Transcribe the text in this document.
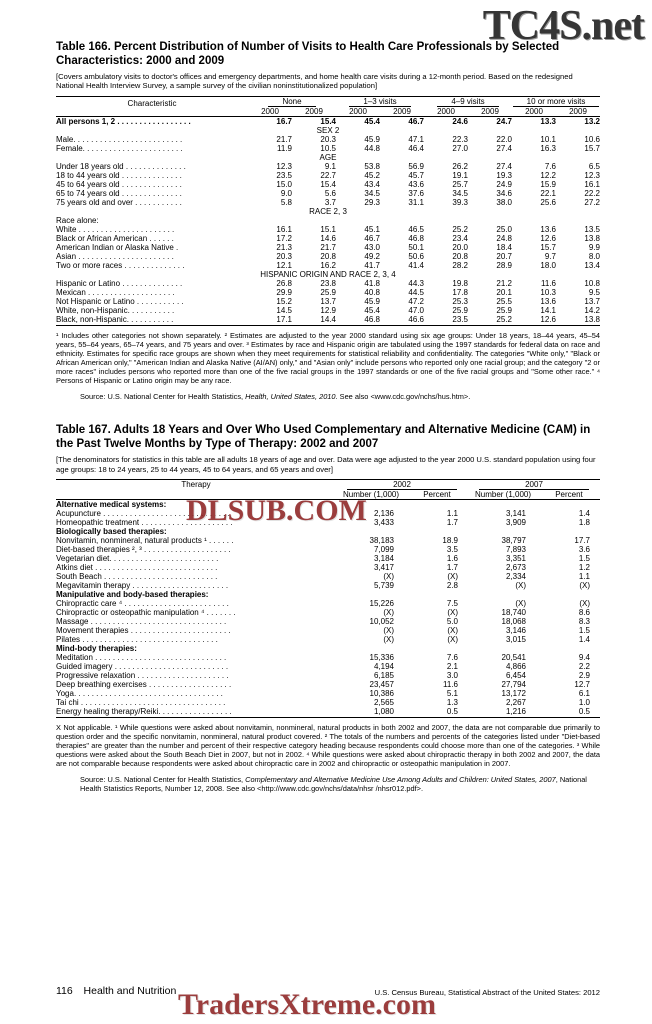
TC4S.net
Table 166. Percent Distribution of Number of Visits to Health Care Professionals by Selected Characteristics: 2000 and 2009

[Covers ambulatory visits to doctor's offices and emergency departments, and home health care visits during a 12-month period. Based on the redesigned National Health Interview Survey, a sample survey of the civilian noninstitutionalized population]

Characteristic	None		1–3 visits		4–9 visits		10 or more visits	
	2000	2009	2000	2009	2000	2009	2000	2009
All persons 1, 2 . . . . . . . . . . . . . . . . .	16.7	15.4	45.4	46.7	24.6	24.7	13.3	13.2
SEX 2								
Male. . . . . . . . . . . . . . . . . . . . . . . . .	21.7	20.3	45.9	47.1	22.3	22.0	10.1	10.6
Female. . . . . . . . . . . . . . . . . . . . . . .	11.9	10.5	44.8	46.4	27.0	27.4	16.3	15.7
AGE								
Under 18 years old . . . . . . . . . . . . . .	12.3	9.1	53.8	56.9	26.2	27.4	7.6	6.5
18 to 44 years old . . . . . . . . . . . . . .	23.5	22.7	45.2	45.7	19.1	19.3	12.2	12.3
45 to 64 years old . . . . . . . . . . . . . .	15.0	15.4	43.4	43.6	25.7	24.9	15.9	16.1
65 to 74 years old . . . . . . . . . . . . . .	9.0	5.6	34.5	37.6	34.5	34.6	22.1	22.2
75 years old and over . . . . . . . . . . .	5.8	3.7	29.3	31.1	39.3	38.0	25.6	27.2
RACE 2, 3								
Race alone:								
White . . . . . . . . . . . . . . . . . . . . . .	16.1	15.1	45.1	46.5	25.2	25.0	13.6	13.5
Black or African American . . . . . .	17.2	14.6	46.7	46.8	23.4	24.8	12.6	13.8
American Indian or Alaska Native .	21.3	21.7	43.0	50.1	20.0	18.4	15.7	9.9
Asian . . . . . . . . . . . . . . . . . . . . . .	20.3	20.8	49.2	50.6	20.8	20.7	9.7	8.0
Two or more races . . . . . . . . . . . . . .	12.1	16.2	41.7	41.4	28.2	28.9	18.0	13.4
HISPANIC ORIGIN AND RACE 2, 3, 4								
Hispanic or Latino . . . . . . . . . . . . . .	26.8	23.8	41.8	44.3	19.8	21.2	11.6	10.8
Mexican . . . . . . . . . . . . . . . . . . . .	29.9	25.9	40.8	44.5	17.8	20.1	10.3	9.5
Not Hispanic or Latino . . . . . . . . . . .	15.2	13.7	45.9	47.2	25.3	25.5	13.6	13.7
White, non-Hispanic. . . . . . . . . . .	14.5	12.9	45.4	47.0	25.9	25.9	14.1	14.2
Black, non-Hispanic. . . . . . . . . . .	17.1	14.4	46.8	46.6	23.5	25.2	12.6	13.8

¹ Includes other categories not shown separately. ² Estimates are adjusted to the year 2000 standard using six age groups: Under 18 years, 18–44 years, 45–54 years, 55–64 years, 65–74 years, and 75 years and over. ³ Estimates by race and Hispanic origin are tabulated using the 1997 standards for federal data on race and ethnicity. Estimates for specific race groups are shown when they meet requirements for statistical reliability and confidentiality. The categories "White only," "Black or African American only," "American Indian and Alaska Native (AI/AN) only," and "Asian only" include persons who reported only one racial group; and the category "2 or more races" includes persons who reported more than one of the five racial groups in the 1997 standards or one of the five racial groups and "Some other race." ⁴ Persons of Hispanic or Latino origin may be any race.

Source: U.S. National Center for Health Statistics, Health, United States, 2010. See also <www.cdc.gov/nchs/hus.htm>.

Table 167. Adults 18 Years and Over Who Used Complementary and Alternative Medicine (CAM) in the Past Twelve Months by Type of Therapy: 2002 and 2007

[The denominators for statistics in this table are all adults 18 years of age and over. Data were age adjusted to the year 2000 U.S. standard population using four age groups: 18 to 24 years, 25 to 44 years, 45 to 64 years, and 65 years and over]

Therapy	2002		2007	
	Number (1,000)	Percent	Number (1,000)	Percent
Alternative medical systems:				
Acupuncture . . . . . . . . . . . . . . . . . . . . . . . . . . . . .	2,136	1.1	3,141	1.4
Homeopathic treatment . . . . . . . . . . . . . . . . . . . . .	3,433	1.7	3,909	1.8
Biologically based therapies:				
Nonvitamin, nonmineral, natural products ¹ . . . . . .	38,183	18.9	38,797	17.7
Diet-based therapies ², ³ . . . . . . . . . . . . . . . . . . . .	7,099	3.5	7,893	3.6
Vegetarian diet. . . . . . . . . . . . . . . . . . . . . . . . .	3,184	1.6	3,351	1.5
Atkins diet . . . . . . . . . . . . . . . . . . . . . . . . . . . .	3,417	1.7	2,673	1.2
South Beach . . . . . . . . . . . . . . . . . . . . . . . . . .	(X)	(X)	2,334	1.1
Megavitamin therapy . . . . . . . . . . . . . . . . . . . . . .	5,739	2.8	(X)	(X)
Manipulative and body-based therapies:				
Chiropractic care ⁴ . . . . . . . . . . . . . . . . . . . . . . . .	15,226	7.5	(X)	(X)
Chiropractic or osteopathic manipulation ⁴ . . . . . . .	(X)	(X)	18,740	8.6
Massage . . . . . . . . . . . . . . . . . . . . . . . . . . . . . . .	10,052	5.0	18,068	8.3
Movement therapies . . . . . . . . . . . . . . . . . . . . . . .	(X)	(X)	3,146	1.5
Pilates . . . . . . . . . . . . . . . . . . . . . . . . . . . . . . .	(X)	(X)	3,015	1.4
Mind-body therapies:				
Meditation . . . . . . . . . . . . . . . . . . . . . . . . . . . . . .	15,336	7.6	20,541	9.4
Guided imagery . . . . . . . . . . . . . . . . . . . . . . . . . .	4,194	2.1	4,866	2.2
Progressive relaxation . . . . . . . . . . . . . . . . . . . . .	6,185	3.0	6,454	2.9
Deep breathing exercises . . . . . . . . . . . . . . . . . . .	23,457	11.6	27,794	12.7
Yoga. . . . . . . . . . . . . . . . . . . . . . . . . . . . . . . . . .	10,386	5.1	13,172	6.1
Tai chi . . . . . . . . . . . . . . . . . . . . . . . . . . . . . . . . .	2,565	1.3	2,267	1.0
Energy healing therapy/Reiki. . . . . . . . . . . . . . . . .	1,080	0.5	1,216	0.5

X Not applicable. ¹ While questions were asked about nonvitamin, nonmineral, natural products in both 2002 and 2007, the data are not comparable due primarily to question order and the specific nonvitamin, nonmineral, natural product covered. ² The totals of the numbers and percents of the categories listed under "Diet-based therapies" are greater than the number and percent of their respective category heading because respondents could choose more than one of the categories. ³ While questions were asked about the South Beach Diet in 2007, but not in 2002. ⁴ While questions were asked about chiropractic therapy in both 2002 and 2007, the data are not comparable because respondents were asked about chiropractic care in 2002 and chiropractic or osteopathic manipulation in 2007.

Source: U.S. National Center for Health Statistics, Complementary and Alternative Medicine Use Among Adults and Children: United States, 2007, National Health Statistics Reports, Number 12, 2008. See also <http://www.cdc.gov/nchs/data/nhsr /nhsr012.pdf>.

116 Health and Nutrition	U.S. Census Bureau, Statistical Abstract of the United States: 2012
DLSUB.COM
TradersXtreme.com
